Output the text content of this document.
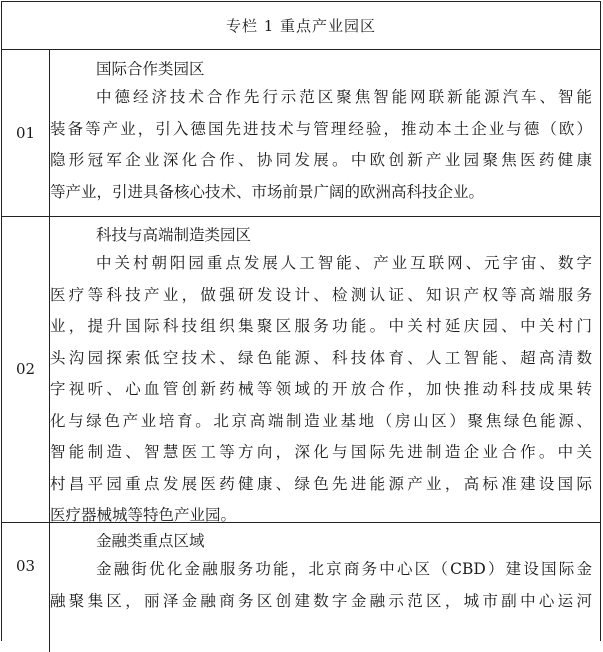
专栏 1 重点产业园区
01
国际合作类园区
中德经济技术合作先行示范区聚焦智能网联新能源汽车、智能
装备等产业，引入德国先进技术与管理经验，推动本土企业与德（欧）
隐形冠军企业深化合作、协同发展。中欧创新产业园聚焦医药健康
等产业，引进具备核心技术、市场前景广阔的欧洲高科技企业。
02
科技与高端制造类园区
中关村朝阳园重点发展人工智能、产业互联网、元宇宙、数字
医疗等科技产业，做强研发设计、检测认证、知识产权等高端服务
业，提升国际科技组织集聚区服务功能。中关村延庆园、中关村门
头沟园探索低空技术、绿色能源、科技体育、人工智能、超高清数
字视听、心血管创新药械等领域的开放合作，加快推动科技成果转
化与绿色产业培育。北京高端制造业基地（房山区）聚焦绿色能源、
智能制造、智慧医工等方向，深化与国际先进制造企业合作。中关
村昌平园重点发展医药健康、绿色先进能源产业，高标准建设国际
医疗器械城等特色产业园。
03
金融类重点区域
金融街优化金融服务功能，北京商务中心区（CBD）建设国际金
融聚集区，丽泽金融商务区创建数字金融示范区，城市副中心运河
